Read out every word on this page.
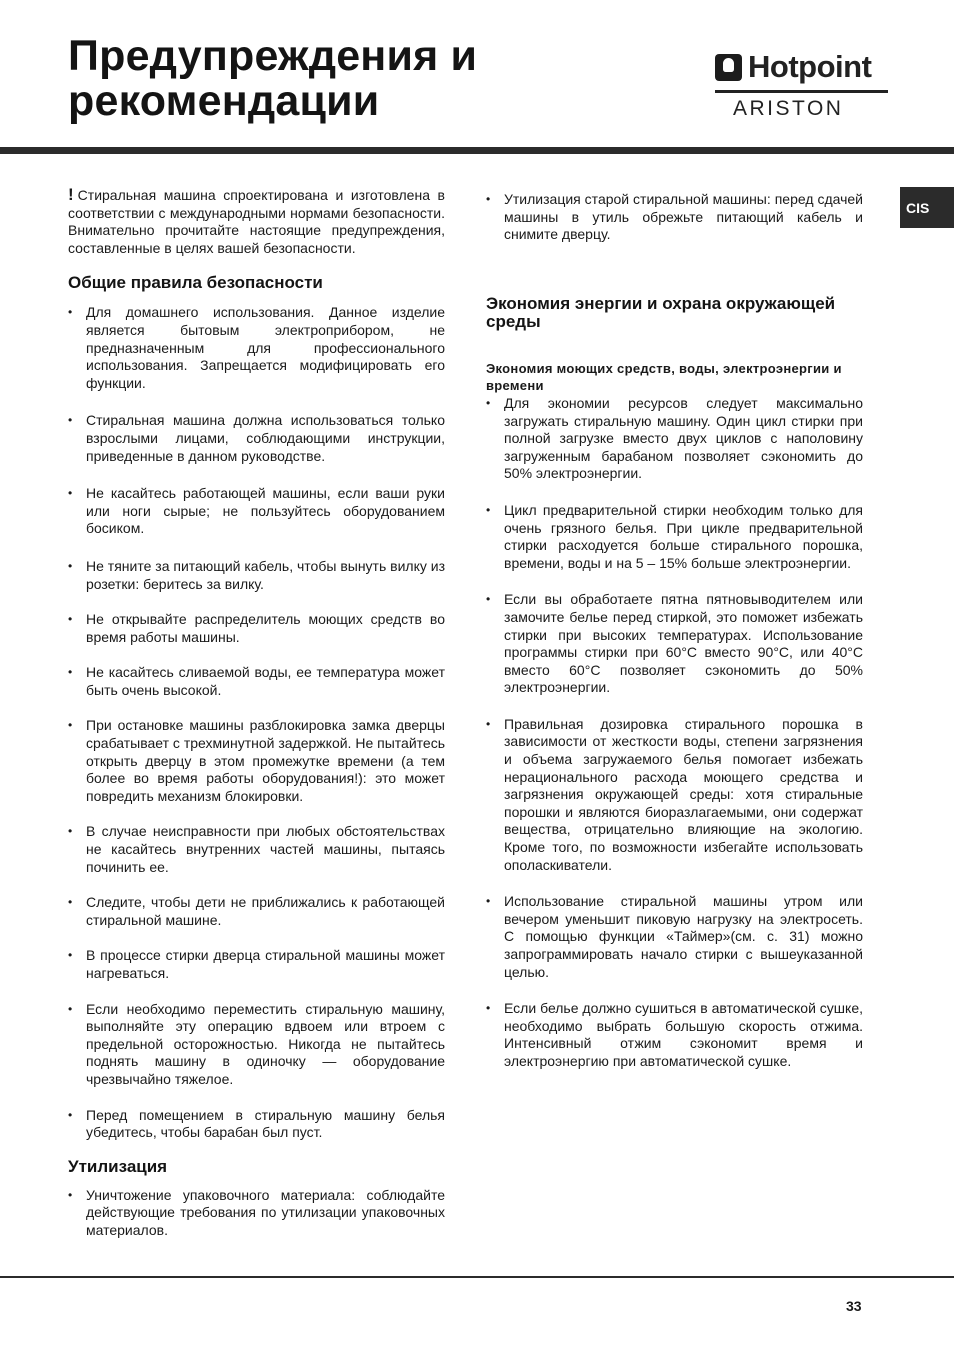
Предупреждения и
рекомендации
Hotpoint
ARISTON
CIS

! Стиральная машина спроектирована и изготовлена в соответствии с международными нормами безопасности. Внимательно прочитайте настоящие предупреждения, составленные в целях вашей безопасности.

Общие правила безопасности

• Для домашнего использования. Данное изделие является бытовым электроприбором, не предназначенным для профессионального использования. Запрещается модифицировать его функции.

• Стиральная машина должна использоваться только взрослыми лицами, соблюдающими инструкции, приведенные в данном руководстве.

• Не касайтесь работающей машины, если ваши руки или ноги сырые; не пользуйтесь оборудованием босиком.

• Не тяните за питающий кабель, чтобы вынуть вилку из розетки: беритесь за вилку.

• Не открывайте распределитель моющих средств во время работы машины.

• Не касайтесь сливаемой воды, ее температура может быть очень высокой.

• При остановке машины разблокировка замка дверцы срабатывает с трехминутной задержкой. Не пытайтесь открыть дверцу в этом промежутке времени (а тем более во время работы оборудования!): это может повредить механизм блокировки.

• В случае неисправности при любых обстоятельствах не касайтесь внутренних частей машины, пытаясь починить ее.

• Следите, чтобы дети не приближались к работающей стиральной машине.

• В процессе стирки дверца стиральной машины может нагреваться.

• Если необходимо переместить стиральную машину, выполняйте эту операцию вдвоем или втроем с предельной осторожностью. Никогда не пытайтесь поднять машину в одиночку — оборудование чрезвычайно тяжелое.

• Перед помещением в стиральную машину белья убедитесь, чтобы барабан был пуст.

Утилизация

• Уничтожение упаковочного материала: соблюдайте действующие требования по утилизации упаковочных материалов.

• Утилизация старой стиральной машины: перед сдачей машины в утиль обрежьте питающий кабель и снимите дверцу.

Экономия энергии и охрана окружающей среды
Экономия моющих средств, воды, электроэнергии и времени

• Для экономии ресурсов следует максимально загружать стиральную машину. Один цикл стирки при полной загрузке вместо двух циклов с наполовину загруженным барабаном позволяет сэкономить до 50% электроэнергии.

• Цикл предварительной стирки необходим только для очень грязного белья. При цикле предварительной стирки расходуется больше стирального порошка, времени, воды и на 5 – 15% больше электроэнергии.

• Если вы обработаете пятна пятновыводителем или замочите белье перед стиркой, это поможет избежать стирки при высоких температурах. Использование программы стирки при 60°C вместо 90°C, или 40°C вместо 60°C позволяет сэкономить до 50% электроэнергии.

• Правильная дозировка стирального порошка в зависимости от жесткости воды, степени загрязнения и объема загружаемого белья помогает избежать нерационального расхода моющего средства и загрязнения окружающей среды: хотя стиральные порошки и являются биоразлагаемыми, они содержат вещества, отрицательно влияющие на экологию. Кроме того, по возможности избегайте использовать ополаскиватели.

• Использование стиральной машины утром или вечером уменьшит пиковую нагрузку на электросеть. С помощью функции «Таймер»(см. с. 31) можно запрограммировать начало стирки с вышеуказанной целью.

• Если белье должно сушиться в автоматической сушке, необходимо выбрать большую скорость отжима. Интенсивный отжим сэкономит время и электроэнергию при автоматической сушке.

33
